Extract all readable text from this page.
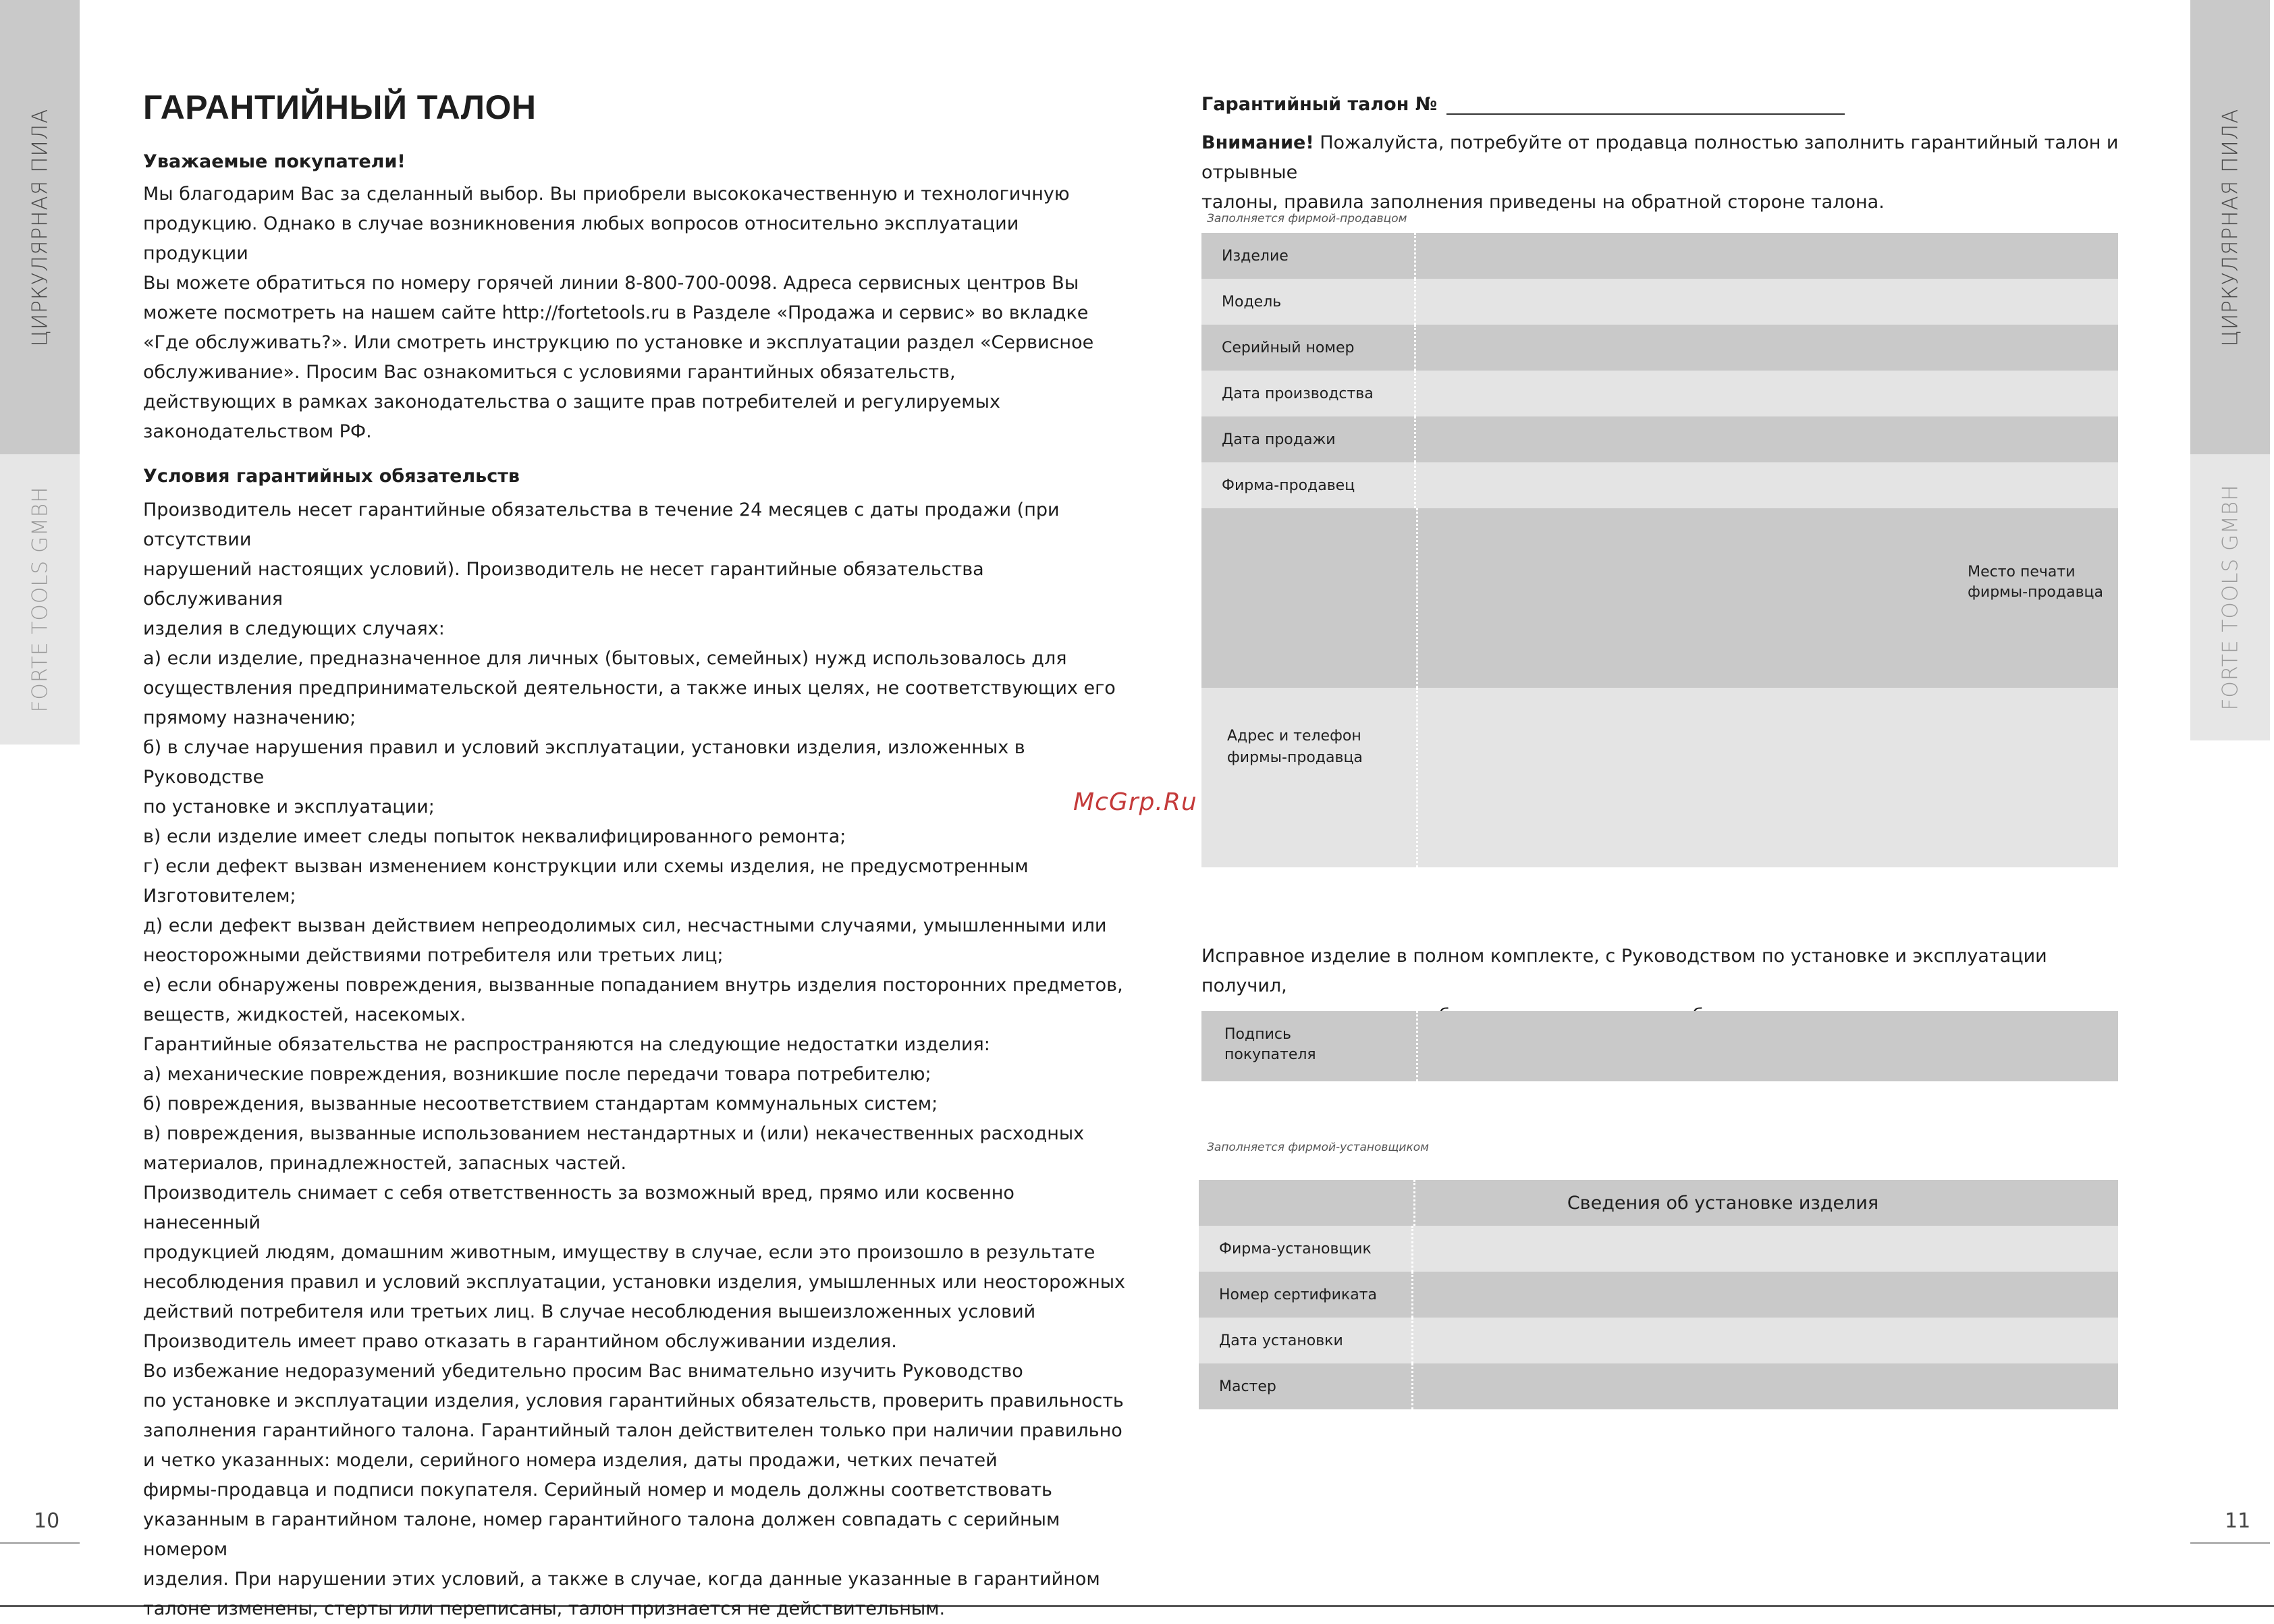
ЦИРКУЛЯРНАЯ ПИЛА
FORTE TOOLS GMBH
ЦИРКУЛЯРНАЯ ПИЛА
FORTE TOOLS GMBH
10	11
ГАРАНТИЙНЫЙ ТАЛОН
Уважаемые покупатели!

Мы благодарим Вас за сделанный выбор. Вы приобрели высококачественную и технологичную
продукцию. Однако в случае возникновения любых вопросов относительно эксплуатации продукции
Вы можете обратиться по номеру горячей линии 8-800-700-0098. Адреса сервисных центров Вы
можете посмотреть на нашем сайте http://fortetools.ru в Разделе «Продажа и сервис» во вкладке
«Где обслуживать?». Или смотреть инструкцию по установке и эксплуатации раздел «Сервисное
обслуживание». Просим Вас ознакомиться с условиями гарантийных обязательств,
действующих в рамках законодательства о защите прав потребителей и регулируемых
законодательством РФ.

Условия гарантийных обязательств

Производитель несет гарантийные обязательства в течение 24 месяцев с даты продажи (при отсутствии
нарушений настоящих условий). Производитель не несет гарантийные обязательства обслуживания
изделия в следующих случаях:
а) если изделие, предназначенное для личных (бытовых, семейных) нужд использовалось для
осуществления предпринимательской деятельности, а также иных целях, не соответствующих его
прямому назначению;
б) в случае нарушения правил и условий эксплуатации, установки изделия, изложенных в Руководстве
по установке и эксплуатации;
в) если изделие имеет следы попыток неквалифицированного ремонта;
г) если дефект вызван изменением конструкции или схемы изделия, не предусмотренным
Изготовителем;
д) если дефект вызван действием непреодолимых сил, несчастными случаями, умышленными или
неосторожными действиями потребителя или третьих лиц;
е) если обнаружены повреждения, вызванные попаданием внутрь изделия посторонних предметов,
веществ, жидкостей, насекомых.
Гарантийные обязательства не распространяются на следующие недостатки изделия:
а) механические повреждения, возникшие после передачи товара потребителю;
б) повреждения, вызванные несоответствием стандартам коммунальных систем;
в) повреждения, вызванные использованием нестандартных и (или) некачественных расходных
материалов, принадлежностей, запасных частей.
Производитель снимает с себя ответственность за возможный вред, прямо или косвенно нанесенный
продукцией людям, домашним животным, имуществу в случае, если это произошло в результате
несоблюдения правил и условий эксплуатации, установки изделия, умышленных или неосторожных
действий потребителя или третьих лиц. В случае несоблюдения вышеизложенных условий
Производитель имеет право отказать в гарантийном обслуживании изделия.
Во избежание недоразумений убедительно просим Вас внимательно изучить Руководство
по установке и эксплуатации изделия, условия гарантийных обязательств, проверить правильность
заполнения гарантийного талона. Гарантийный талон действителен только при наличии правильно
и четко указанных: модели, серийного номера изделия, даты продажи, четких печатей
фирмы-продавца и подписи покупателя. Серийный номер и модель должны соответствовать
указанным в гарантийном талоне, номер гарантийного талона должен совпадать с серийным номером
изделия. При нарушении этих условий, а также в случае, когда данные указанные в гарантийном
талоне изменены, стерты или переписаны, талон признается не действительным.

McGrp.Ru
Гарантийный талон №

Внимание! Пожалуйста, потребуйте от продавца полностью заполнить гарантийный талон и отрывные
талоны, правила заполнения приведены на обратной стороне талона.

Заполняется фирмой-продавцом
Изделие
Модель
Серийный номер
Дата производства
Дата продажи
Фирма-продавец
Место печати
фирмы-продавца
Адрес и телефон
фирмы-продавца
Исправное изделие в полном комплекте, с Руководством по установке и эксплуатации получил,

Подпись
покупателя
Заполняется фирмой-установщиком
Сведения об установке изделия
Фирма-установщик
Номер сертификата
Дата установки
Мастер
